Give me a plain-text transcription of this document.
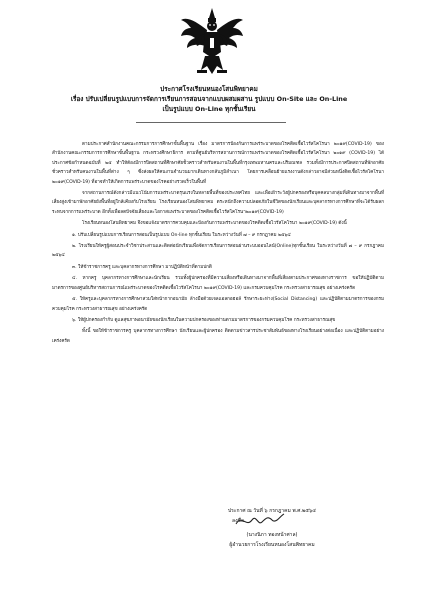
ประกาศโรงเรียนหนองโสนพิทยาคม
เรื่อง ปรับเปลี่ยนรูปแบบการจัดการเรียนการสอนจากแบบผสมผสาน รูปแบบ On-Site และ On-Line
เป็นรูปแบบ On-Line ทุกชั้นเรียน

ตามประกาศสำนักงานคณะกรรมการการศึกษาขั้นพื้นฐาน เรื่อง มาตรการป้องกันการแพร่ระบาดของโรคติดเชื้อไวรัสโคโรนา ๒๐๑๙(COVID-19) ของสำนักงานคณะกรรมการการศึกษาขั้นพื้นฐาน กระทรวงศึกษาธิการ ตามที่ศูนย์บริหารสถานการณ์การแพร่ระบาดของโรคติดเชื้อไวรัสโคโรนา ๒๐๑๙ (COVID-19) ได้ประกาศข้อกำหนดฉบับที่ ๒๕ ทำให้ต้องมีการปิดสถานที่ศึกษาศัยข้ัวคราวสำหรับคนงานในพื้นที่กรุงเทพมหานครและปริมณฑล รวมทั้งมีการประกาศปิดสถานที่พักอาศัยชั่วคราวสำหรับคนงานในพื้นที่ต่าง ๆ ซึ่งส่งผลให้คนงานจำนวนมากเดินทางกลับภูมิลำเนา โดยการเคลื่อนย้ายแรงงานดังกล่าวอาจมีส่วนหนึ่งติดเชื้อไวรัสโคโรนา ๒๐๑๙(COVID-19) ที่อาจทำให้เกิดการแพร่ระบาดของโรคอย่างรวดเร็วในพื้นที่

จากสถานการณ์ดังกล่าวมีแนวโน้มการแพร่ระบาดรุนแรงในหลายพื้นที่ของประเทศไทย และเพื่อเฝ้าระวังผู้ปกครองหรือบุคคลบางกลุ่มที่เดินทางมาจากพื้นที่เสี่ยงสูงเข้ามาพักอาศัยยังพื้นที่อยู่ใกล้เคียงกับโรงเรียน โรงเรียนหนองโสนพิทยาคม ตระหนักถึงความปลอดภัยในชีวิตของนักเรียนและบุคลากรทางการศึกษาที่จะได้รับผลกระทบจากการแพร่ระบาด อีกทั้งเพื่อลดปัจจัยเสี่ยงและโอกาสแพร่ระบาดของโรคติดเชื้อไวรัสโคโรนา๒๐๑๙(COVID-19)

โรงเรียนหนองโสนพิทยาคม จึงขอแจ้งมาตรการควบคุมและป้องกันการแพร่ระบาดของโรคติดเชื้อไวรัสโคโรนา ๒๐๑๙(COVID-19) ดังนี้

๑. ปรับเปลี่ยนรูปแบบการเรียนการสอนเป็นรูปแบบ On-line ทุกชั้นเรียน ในระหว่างวันที่ ๗ – ๙ กรกฎาคม ๒๕๖๔

๒. โรงเรียนให้ครูผู้สอนประจำวิชาประสานและติดต่อนักเรียนเพื่อจัดการเรียนการสอนผ่านระบบออนไลน์(Online)ทุกชั้นเรียน ในระหว่างวันที่ ๗ – ๙ กรกฎาคม ๒๕๖๔

๓. ให้ข้าราชการครู และบุคลากรทางการศึกษา มาปฏิบัติหน้าที่ตามปกติ

๔. หากครู บุคลากรทางการศึกษาและนักเรียน รวมทั้งผู้ปกครองที่มีความเสี่ยงหรือเดินทางมาจากพื้นที่เสี่ยงตามประกาศของทางราชการ ขอให้ปฏิบัติตามมาตรการของศูนย์บริหารสถานการณ์แพร่ระบาดของโรคติดเชื้อไวรัสโคโรนา ๒๐๑๙(COVID-19) และกรมควบคุมโรค กระทรวงสาธารณสุข อย่างเคร่งครัด

๕. ให้ครูและบุคลากรทางการศึกษาสวมใส่หน้ากากอนามัย ล้างมือด้วยเจลแอลกอฮอล์ รักษาระยะห่าง(Social Distancing) และปฏิบัติตามมาตรการของกรมควบคุมโรค กระทรวงสาธารณสุข อย่างเคร่งครัด

๖. ให้ผู้ปกครองกำกับ ดูแลสุขภาพอนามัยของนักเรียนในความปกครองของท่านตามมาตรการของกรมควบคุมโรค กระทรวงสาธารณสุข

ทั้งนี้ ขอให้ข้าราชการครู บุคลากรทางการศึกษา นักเรียนและผู้ปกครอง ติดตามข่าวสารประชาสัมพันธ์ของทางโรงเรียนอย่างต่อเนื่อง และปฏิบัติตามอย่างเคร่งครัด

ประกาศ ณ วันที่ ๖ กรกฎาคม พ.ศ.๒๕๖๔
ลงชื่อ
(นางนิภา ทองหน้าศาล)
ผู้อำนวยการโรงเรียนหนองโสนพิทยาคม
